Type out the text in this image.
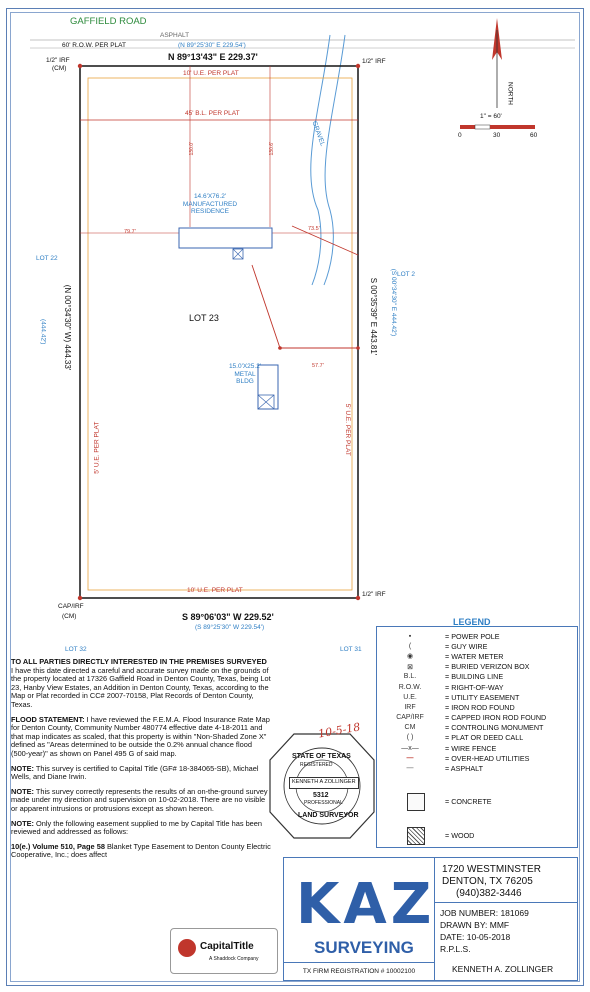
GAFFIELD ROAD
ASPHALT
60' R.O.W. PER PLAT	(N 89°25'30" E 229.54')
N 89°13'43" E 229.37'
1/2" IRF
(CM)
1/2" IRF
NORTH
1" = 60'
0	30	60
10' U.E. PER PLAT
45' B.L. PER PLAT
14.6'X76.2'
MANUFACTURED
RESIDENCE
GRAVEL
79.7'	73.5'
130.0'	130.6'
LOT 22
LOT 2
LOT 23
(N 00°34'30" W) 444.33'
(444.42')	S 00°35'39" E 443.81' (S 00°34'30" E 444.42')
15.0'X25.2'
METAL
BLDG
57.7'
5' U.E. PER PLAT	5' U.E. PER PLAT
10' U.E. PER PLAT
CAP/IRF
(CM)
1/2" IRF
S 89°06'03" W 229.52'
(S 89°25'30" W 229.54')
LOT 32	LOT 31
TO ALL PARTIES DIRECTLY INTERESTED IN THE PREMISES SURVEYED
I have this date directed a careful and accurate survey made on the grounds of the property located at 17326 Gaffield Road in Denton County, Texas, being Lot 23, Hanby View Estates, an Addition in Denton County, Texas, according to the Map or Plat recorded in CC# 2007-70158, Plat Records of Denton County, Texas.
FLOOD STATEMENT: I have reviewed the F.E.M.A. Flood Insurance Rate Map for Denton County, Community Number 480774 effective date 4-18-2011 and that map indicates as scaled, that this property is within "Non-Shaded Zone X" defined as "Areas determined to be outside the 0.2% annual chance flood (500-year)" as shown on Panel 495 G of said map.
NOTE: This survey is certified to Capital Title (GF# 18-384065-SB), Michael Wells, and Diane Irwin.
NOTE: This survey correctly represents the results of an on-the-ground survey made under my direction and supervision on 10-02-2018. There are no visible or apparent intrusions or protrusions except as shown hereon.
NOTE: Only the following easement supplied to me by Capital Title has been reviewed and addressed as follows:
10(e.) Volume 510, Page 58 Blanket Type Easement to Denton County Electric Cooperative, Inc.; does affect
10-5-18
STATE OF TEXAS
REGISTERED
KENNETH A ZOLLINGER
5312
PROFESSIONAL
LAND SURVEYOR
LEGEND
▪	= POWER POLE
(	= GUY WIRE
◉	= WATER METER
⊠	= BURIED VERIZON BOX
B.L.	= BUILDING LINE
R.O.W.	= RIGHT-OF-WAY
U.E.	= UTILITY EASEMENT
IRF	= IRON ROD FOUND
CAP/IRF	= CAPPED IRON ROD FOUND
CM	= CONTROLING MONUMENT
( )	= PLAT OR DEED CALL
—x—	= WIRE FENCE
—	= OVER-HEAD UTILITIES
—	= ASPHALT
= CONCRETE
= WOOD
KAZ
SURVEYING
TX FIRM REGISTRATION # 10002100
1720 WESTMINSTER
DENTON, TX 76205
(940)382-3446
JOB NUMBER: 181069
DRAWN BY: MMF
DATE: 10-05-2018
R.P.L.S.
KENNETH A. ZOLLINGER
CapitalTitle
A Shaddock Company
